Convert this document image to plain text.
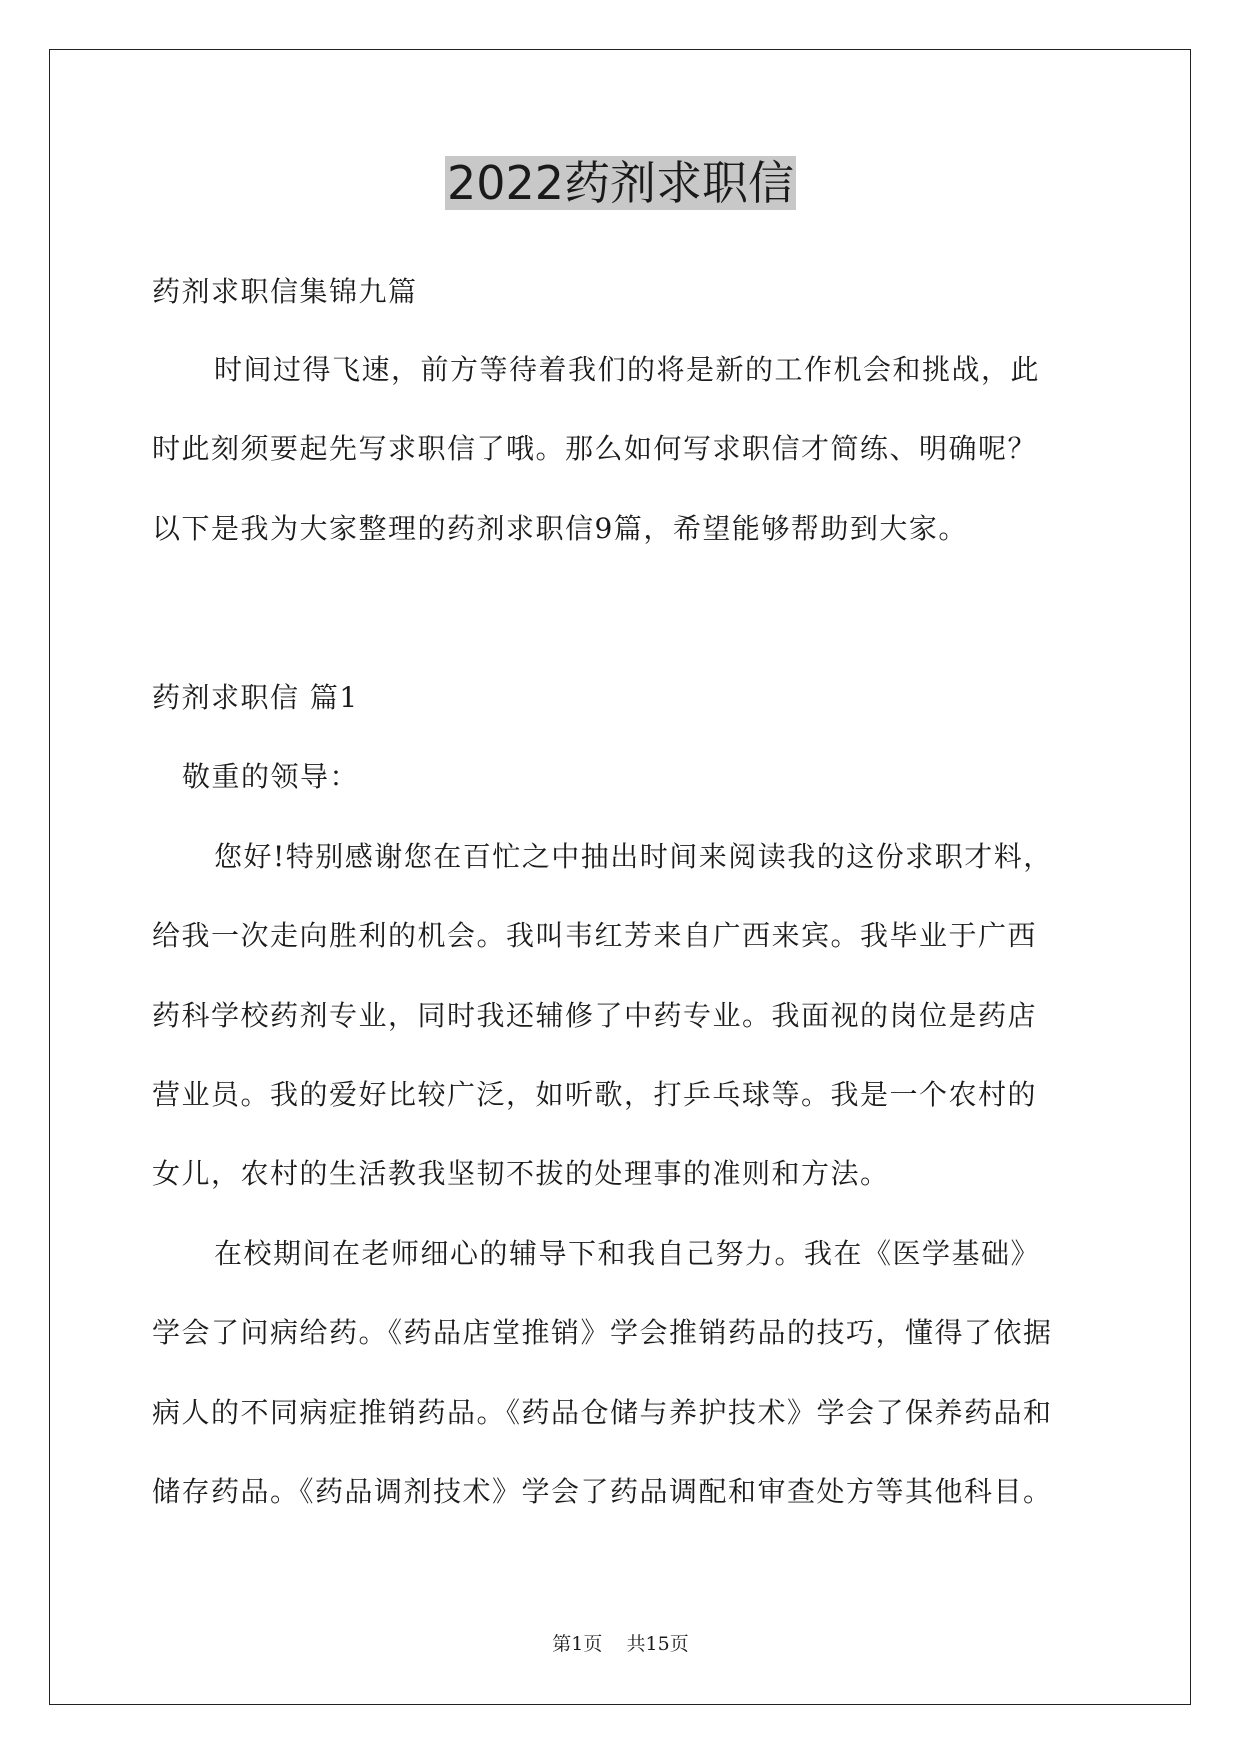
2022药剂求职信

药剂求职信集锦九篇

时间过得飞速，前方等待着我们的将是新的工作机会和挑战，此

时此刻须要起先写求职信了哦。那么如何写求职信才简练、明确呢？

以下是我为大家整理的药剂求职信9篇，希望能够帮助到大家。

药剂求职信 篇1

敬重的领导：

您好!特别感谢您在百忙之中抽出时间来阅读我的这份求职才料，

给我一次走向胜利的机会。我叫韦红芳来自广西来宾。我毕业于广西

药科学校药剂专业，同时我还辅修了中药专业。我面视的岗位是药店

营业员。我的爱好比较广泛，如听歌，打乒乓球等。我是一个农村的

女儿，农村的生活教我坚韧不拔的处理事的准则和方法。

在校期间在老师细心的辅导下和我自己努力。我在《医学基础》

学会了问病给药。《药品店堂推销》学会推销药品的技巧，懂得了依据

病人的不同病症推销药品。《药品仓储与养护技术》学会了保养药品和

储存药品。《药品调剂技术》学会了药品调配和审查处方等其他科目。

第1页    共15页
